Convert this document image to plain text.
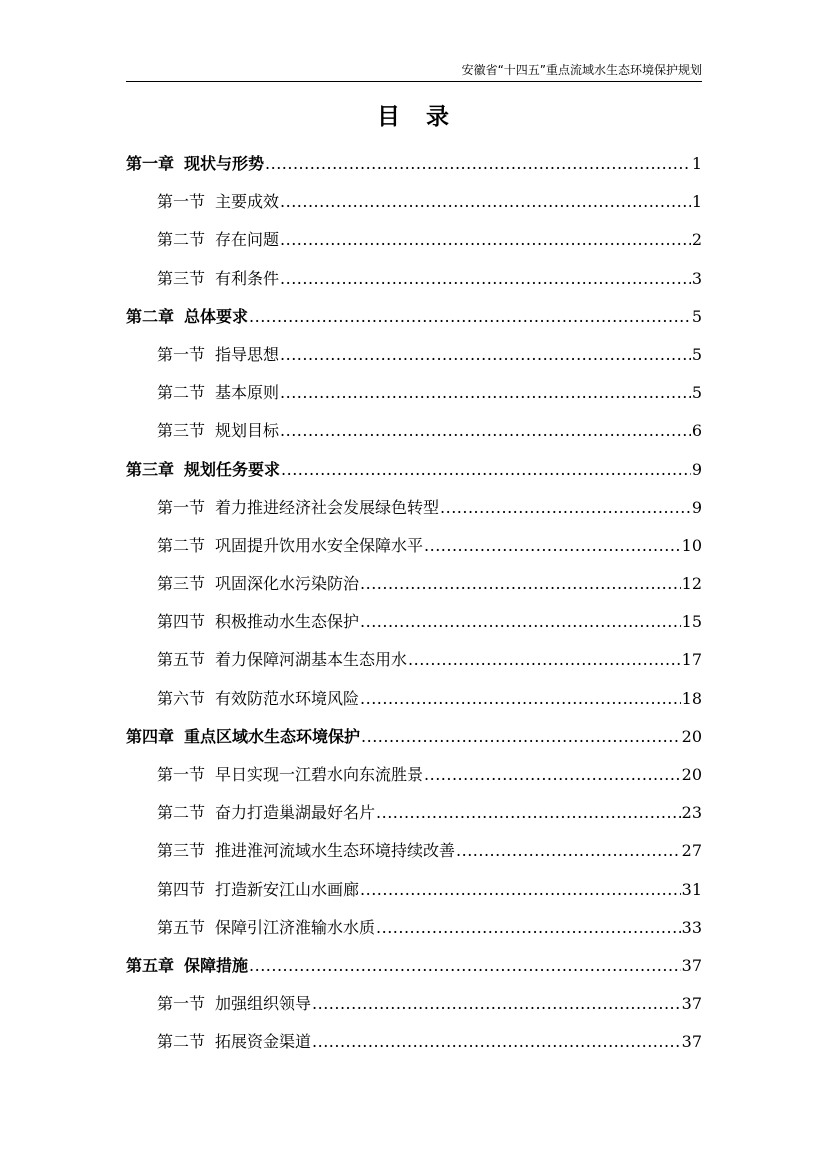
安徽省“十四五”重点流域水生态环境保护规划
目录
第一章 现状与形势 .....	1
第一节 主要成效 .....	1
第二节 存在问题 .....	2
第三节 有利条件 .....	3
第二章 总体要求 .....	5
第一节 指导思想 .....	5
第二节 基本原则 .....	5
第三节 规划目标 .....	6
第三章 规划任务要求 .....	9
第一节 着力推进经济社会发展绿色转型 .....	9
第二节 巩固提升饮用水安全保障水平 .....	10
第三节 巩固深化水污染防治 .....	12
第四节 积极推动水生态保护 .....	15
第五节 着力保障河湖基本生态用水 .....	17
第六节 有效防范水环境风险 .....	18
第四章 重点区域水生态环境保护 .....	20
第一节 早日实现一江碧水向东流胜景 .....	20
第二节 奋力打造巢湖最好名片 .....	23
第三节 推进淮河流域水生态环境持续改善 .....	27
第四节 打造新安江山水画廊 .....	31
第五节 保障引江济淮输水水质 .....	33
第五章 保障措施 .....	37
第一节 加强组织领导 .....	37
第二节 拓展资金渠道 .....	37
